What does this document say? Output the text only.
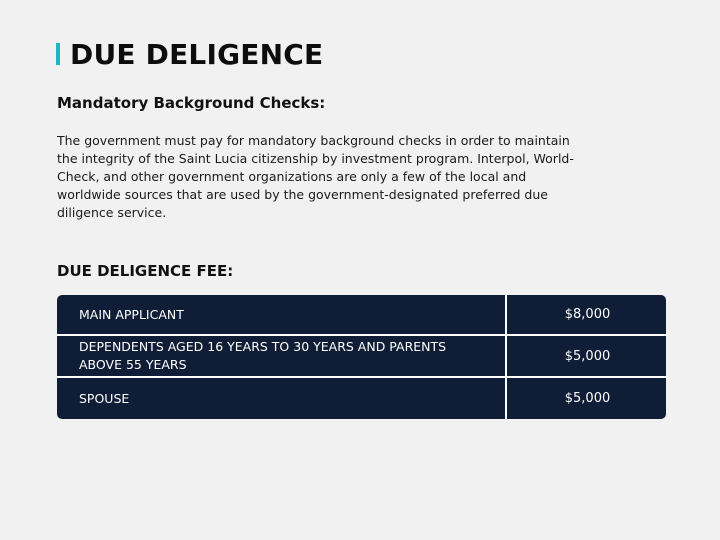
DUE DELIGENCE
Mandatory Background Checks:

The government must pay for mandatory background checks in order to maintain the integrity of the Saint Lucia citizenship by investment program. Interpol, World-Check, and other government organizations are only a few of the local and worldwide sources that are used by the government-designated preferred due diligence service.

DUE DELIGENCE FEE:
MAIN APPLICANT	$8,000
DEPENDENTS AGED 16 YEARS TO 30 YEARS AND PARENTS ABOVE 55 YEARS
$5,000
SPOUSE	$5,000
